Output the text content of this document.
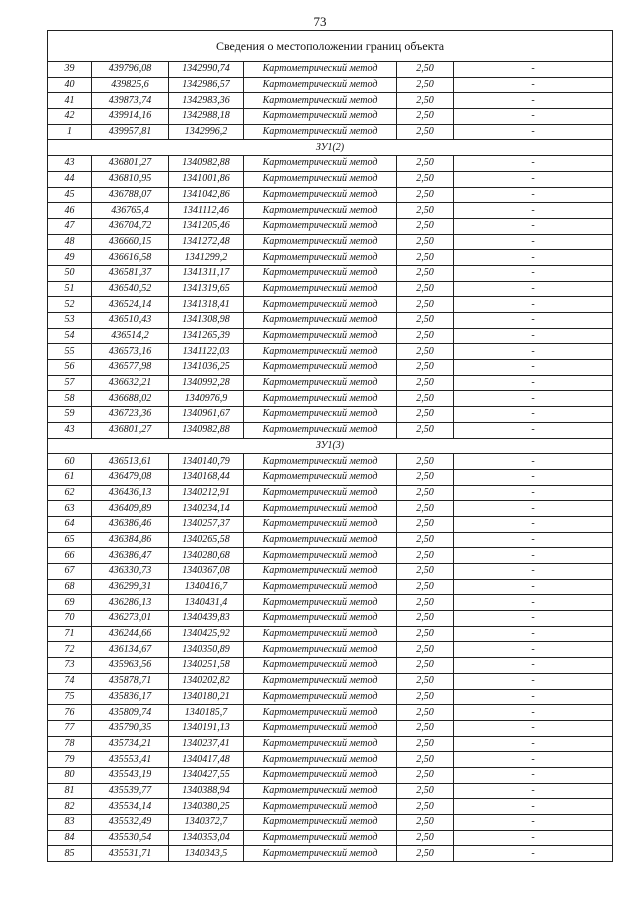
73
Сведения о местоположении границ объекта					
39	439796,08	1342990,74	Картометрический метод	2,50	-
40	439825,6	1342986,57	Картометрический метод	2,50	-
41	439873,74	1342983,36	Картометрический метод	2,50	-
42	439914,16	1342988,18	Картометрический метод	2,50	-
1	439957,81	1342996,2	Картометрический метод	2,50	-
ЗУ1(2)					
43	436801,27	1340982,88	Картометрический метод	2,50	-
44	436810,95	1341001,86	Картометрический метод	2,50	-
45	436788,07	1341042,86	Картометрический метод	2,50	-
46	436765,4	1341112,46	Картометрический метод	2,50	-
47	436704,72	1341205,46	Картометрический метод	2,50	-
48	436660,15	1341272,48	Картометрический метод	2,50	-
49	436616,58	1341299,2	Картометрический метод	2,50	-
50	436581,37	1341311,17	Картометрический метод	2,50	-
51	436540,52	1341319,65	Картометрический метод	2,50	-
52	436524,14	1341318,41	Картометрический метод	2,50	-
53	436510,43	1341308,98	Картометрический метод	2,50	-
54	436514,2	1341265,39	Картометрический метод	2,50	-
55	436573,16	1341122,03	Картометрический метод	2,50	-
56	436577,98	1341036,25	Картометрический метод	2,50	-
57	436632,21	1340992,28	Картометрический метод	2,50	-
58	436688,02	1340976,9	Картометрический метод	2,50	-
59	436723,36	1340961,67	Картометрический метод	2,50	-
43	436801,27	1340982,88	Картометрический метод	2,50	-
ЗУ1(3)					
60	436513,61	1340140,79	Картометрический метод	2,50	-
61	436479,08	1340168,44	Картометрический метод	2,50	-
62	436436,13	1340212,91	Картометрический метод	2,50	-
63	436409,89	1340234,14	Картометрический метод	2,50	-
64	436386,46	1340257,37	Картометрический метод	2,50	-
65	436384,86	1340265,58	Картометрический метод	2,50	-
66	436386,47	1340280,68	Картометрический метод	2,50	-
67	436330,73	1340367,08	Картометрический метод	2,50	-
68	436299,31	1340416,7	Картометрический метод	2,50	-
69	436286,13	1340431,4	Картометрический метод	2,50	-
70	436273,01	1340439,83	Картометрический метод	2,50	-
71	436244,66	1340425,92	Картометрический метод	2,50	-
72	436134,67	1340350,89	Картометрический метод	2,50	-
73	435963,56	1340251,58	Картометрический метод	2,50	-
74	435878,71	1340202,82	Картометрический метод	2,50	-
75	435836,17	1340180,21	Картометрический метод	2,50	-
76	435809,74	1340185,7	Картометрический метод	2,50	-
77	435790,35	1340191,13	Картометрический метод	2,50	-
78	435734,21	1340237,41	Картометрический метод	2,50	-
79	435553,41	1340417,48	Картометрический метод	2,50	-
80	435543,19	1340427,55	Картометрический метод	2,50	-
81	435539,77	1340388,94	Картометрический метод	2,50	-
82	435534,14	1340380,25	Картометрический метод	2,50	-
83	435532,49	1340372,7	Картометрический метод	2,50	-
84	435530,54	1340353,04	Картометрический метод	2,50	-
85	435531,71	1340343,5	Картометрический метод	2,50	-
